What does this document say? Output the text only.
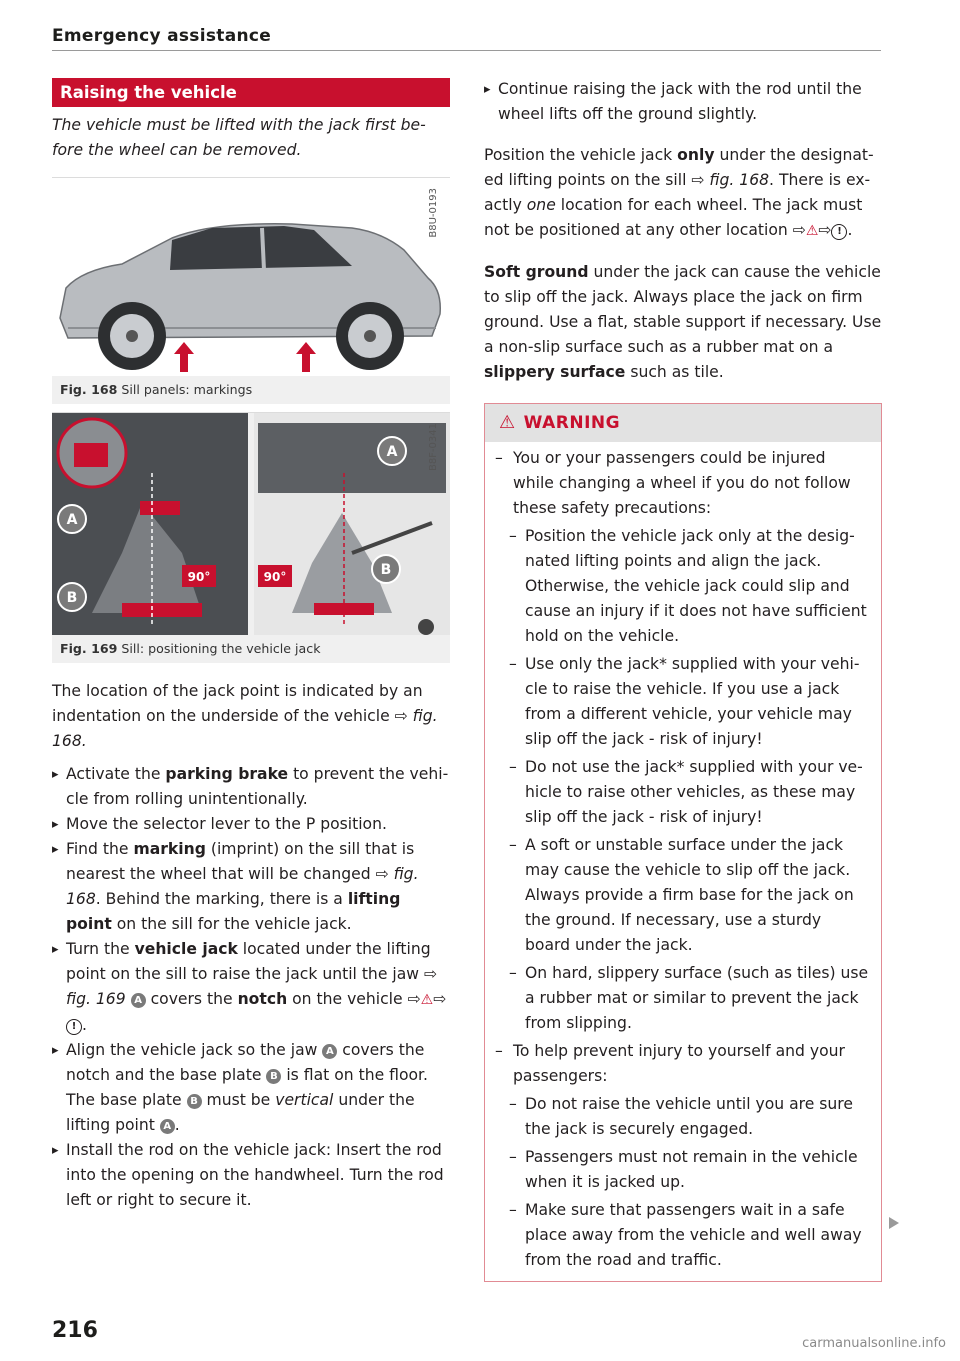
Emergency assistance
Raising the vehicle

The vehicle must be lifted with the jack first before the wheel can be removed.

B8U-0193
Fig. 168 Sill panels: markings
90°	90°
A
B
A
B
B8F-0341
Fig. 169 Sill: positioning the vehicle jack

The location of the jack point is indicated by an indentation on the underside of the vehicle ⇨ fig. 168.

▸ Activate the parking brake to prevent the vehicle from rolling unintentionally.
▸ Move the selector lever to the P position.
▸ Find the marking (imprint) on the sill that is nearest the wheel that will be changed ⇨ fig. 168. Behind the marking, there is a lifting point on the sill for the vehicle jack.
▸ Turn the vehicle jack located under the lifting point on the sill to raise the jack until the jaw ⇨ fig. 169 A covers the notch on the vehicle ⇨⚠⇨! .
▸ Align the vehicle jack so the jaw A covers the notch and the base plate B is flat on the floor. The base plate B must be vertical under the lifting point A .
▸ Install the rod on the vehicle jack: Insert the rod into the opening on the handwheel. Turn the rod left or right to secure it.
▸ Continue raising the jack with the rod until the wheel lifts off the ground slightly.

Position the vehicle jack only under the designated lifting points on the sill ⇨ fig. 168. There is exactly one location for each wheel. The jack must not be positioned at any other location ⇨⚠⇨ ! .

Soft ground under the jack can cause the vehicle to slip off the jack. Always place the jack on firm ground. Use a flat, stable support if necessary. Use a non-slip surface such as a rubber mat on a slippery surface such as tile.

⚠ WARNING
– You or your passengers could be injured while changing a wheel if you do not follow these safety precautions:
– Position the vehicle jack only at the designated lifting points and align the jack. Otherwise, the vehicle jack could slip and cause an injury if it does not have sufficient hold on the vehicle.
– Use only the jack* supplied with your vehicle to raise the vehicle. If you use a jack from a different vehicle, your vehicle may slip off the jack - risk of injury!
– Do not use the jack* supplied with your vehicle to raise other vehicles, as these may slip off the jack - risk of injury!
– A soft or unstable surface under the jack may cause the vehicle to slip off the jack. Always provide a firm base for the jack on the ground. If necessary, use a sturdy board under the jack.
– On hard, slippery surface (such as tiles) use a rubber mat or similar to prevent the jack from slipping.
– To help prevent injury to yourself and your passengers:
– Do not raise the vehicle until you are sure the jack is securely engaged.
– Passengers must not remain in the vehicle when it is jacked up.
– Make sure that passengers wait in a safe place away from the vehicle and well away from the road and traffic.
216
carmanualsonline.info
